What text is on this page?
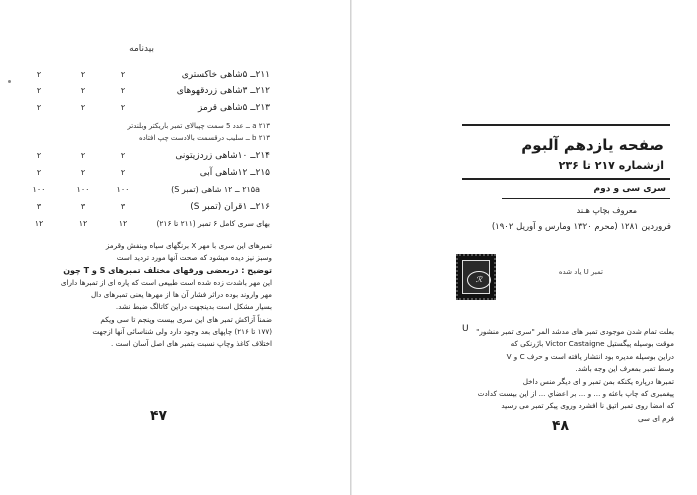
بيدنامه
۲۱۱ــ ۵شاهی خاکستری
۲
۲
۲
۲۱۲ــ ۳شاهی زردقهوهای
۲
۲
۲
۲۱۳ــ ۵شاهی قرمز
۲
۲
۲
۲۱۳ a ــ عدد 5 سمت چپبالای تمبر باریکتر وبلندتر
۲۱۳ b ــ سلیب درقسمت بالادست چپ افتاده
۲۱۴ــ ۱۰شاهی زردزیتونی
۲
۲
۲
۲۱۵ــ ۱۲شاهی آبی
۲
۲
۲
۲۱۵a ــ ۱۲ شاهی (تمبر S)
۱۰۰
۱۰۰
۱۰۰
۲۱۶ــ ۱قران (تمبر S)
۳
۳
۳
بهای سری کامل ۶ تمبر (۲۱۱ تا ۲۱۶)
۱۲
۱۲
۱۲
تمبرهای این سری با مهر X برنگهای سیاه وبنفش وقرمز
وسبز نیز دیده میشود که صحت آنها مورد تردید است
توضیح : دربعضی ورقهای مختلف تمبرهای S و T چون
این مهر باشدت زده شده است طبیعی است که پاره ای از تمبرها دارای
مهر واروند بوده دراثر فشار آن ها از مهرها یعنی تمبرهای دال
بسیار مشکل است بدینجهت دراین کاتالگ ضبط نشد.
ضمناً آزاکش تمبر های این سری بیست وپنجم تا سی ویکم
(۱۷۷ تا ۲۱۶) چاپهای بعد وجود دارد ولی شناسائی آنها ازجهت
اختلاف کاغذ وچاپ نسبت بتمبر های اصل آسان است .
۴۷
صفحه یازدهم آلبوم
ازشماره ۲۱۷ تا ۲۳۶
سری سی و دوم
معروف بچاپ هـند
فروردین ۱۲۸۱ (محرم ۱۳۲۰ ومارس و آوریل ۱۹۰۲)
ℛ
تمبر U یاد شده
U	بعلت تمام شدن موجودی تمبر های مدشد المر "سری تمبر منشور"
موقت بوسیله پیگستیل Victor Castaigne باژرنکی که
دراین بوسیله مدیره بود انتشار یافته است و حرف C و V
وسط تمبر بمعرف این وجه باشد.
تمبرها درپاره یکنکه بمن تمبر و ای دیگر منس داخل
پیغمبری که چاپ باعثه و ... و ... بر اعضاي ... از این بیست کدادت
که امضا روی تمبر اتیق نا افشرد وروی پیکر تمبر می رسید
فرم ای سی
۴۸
